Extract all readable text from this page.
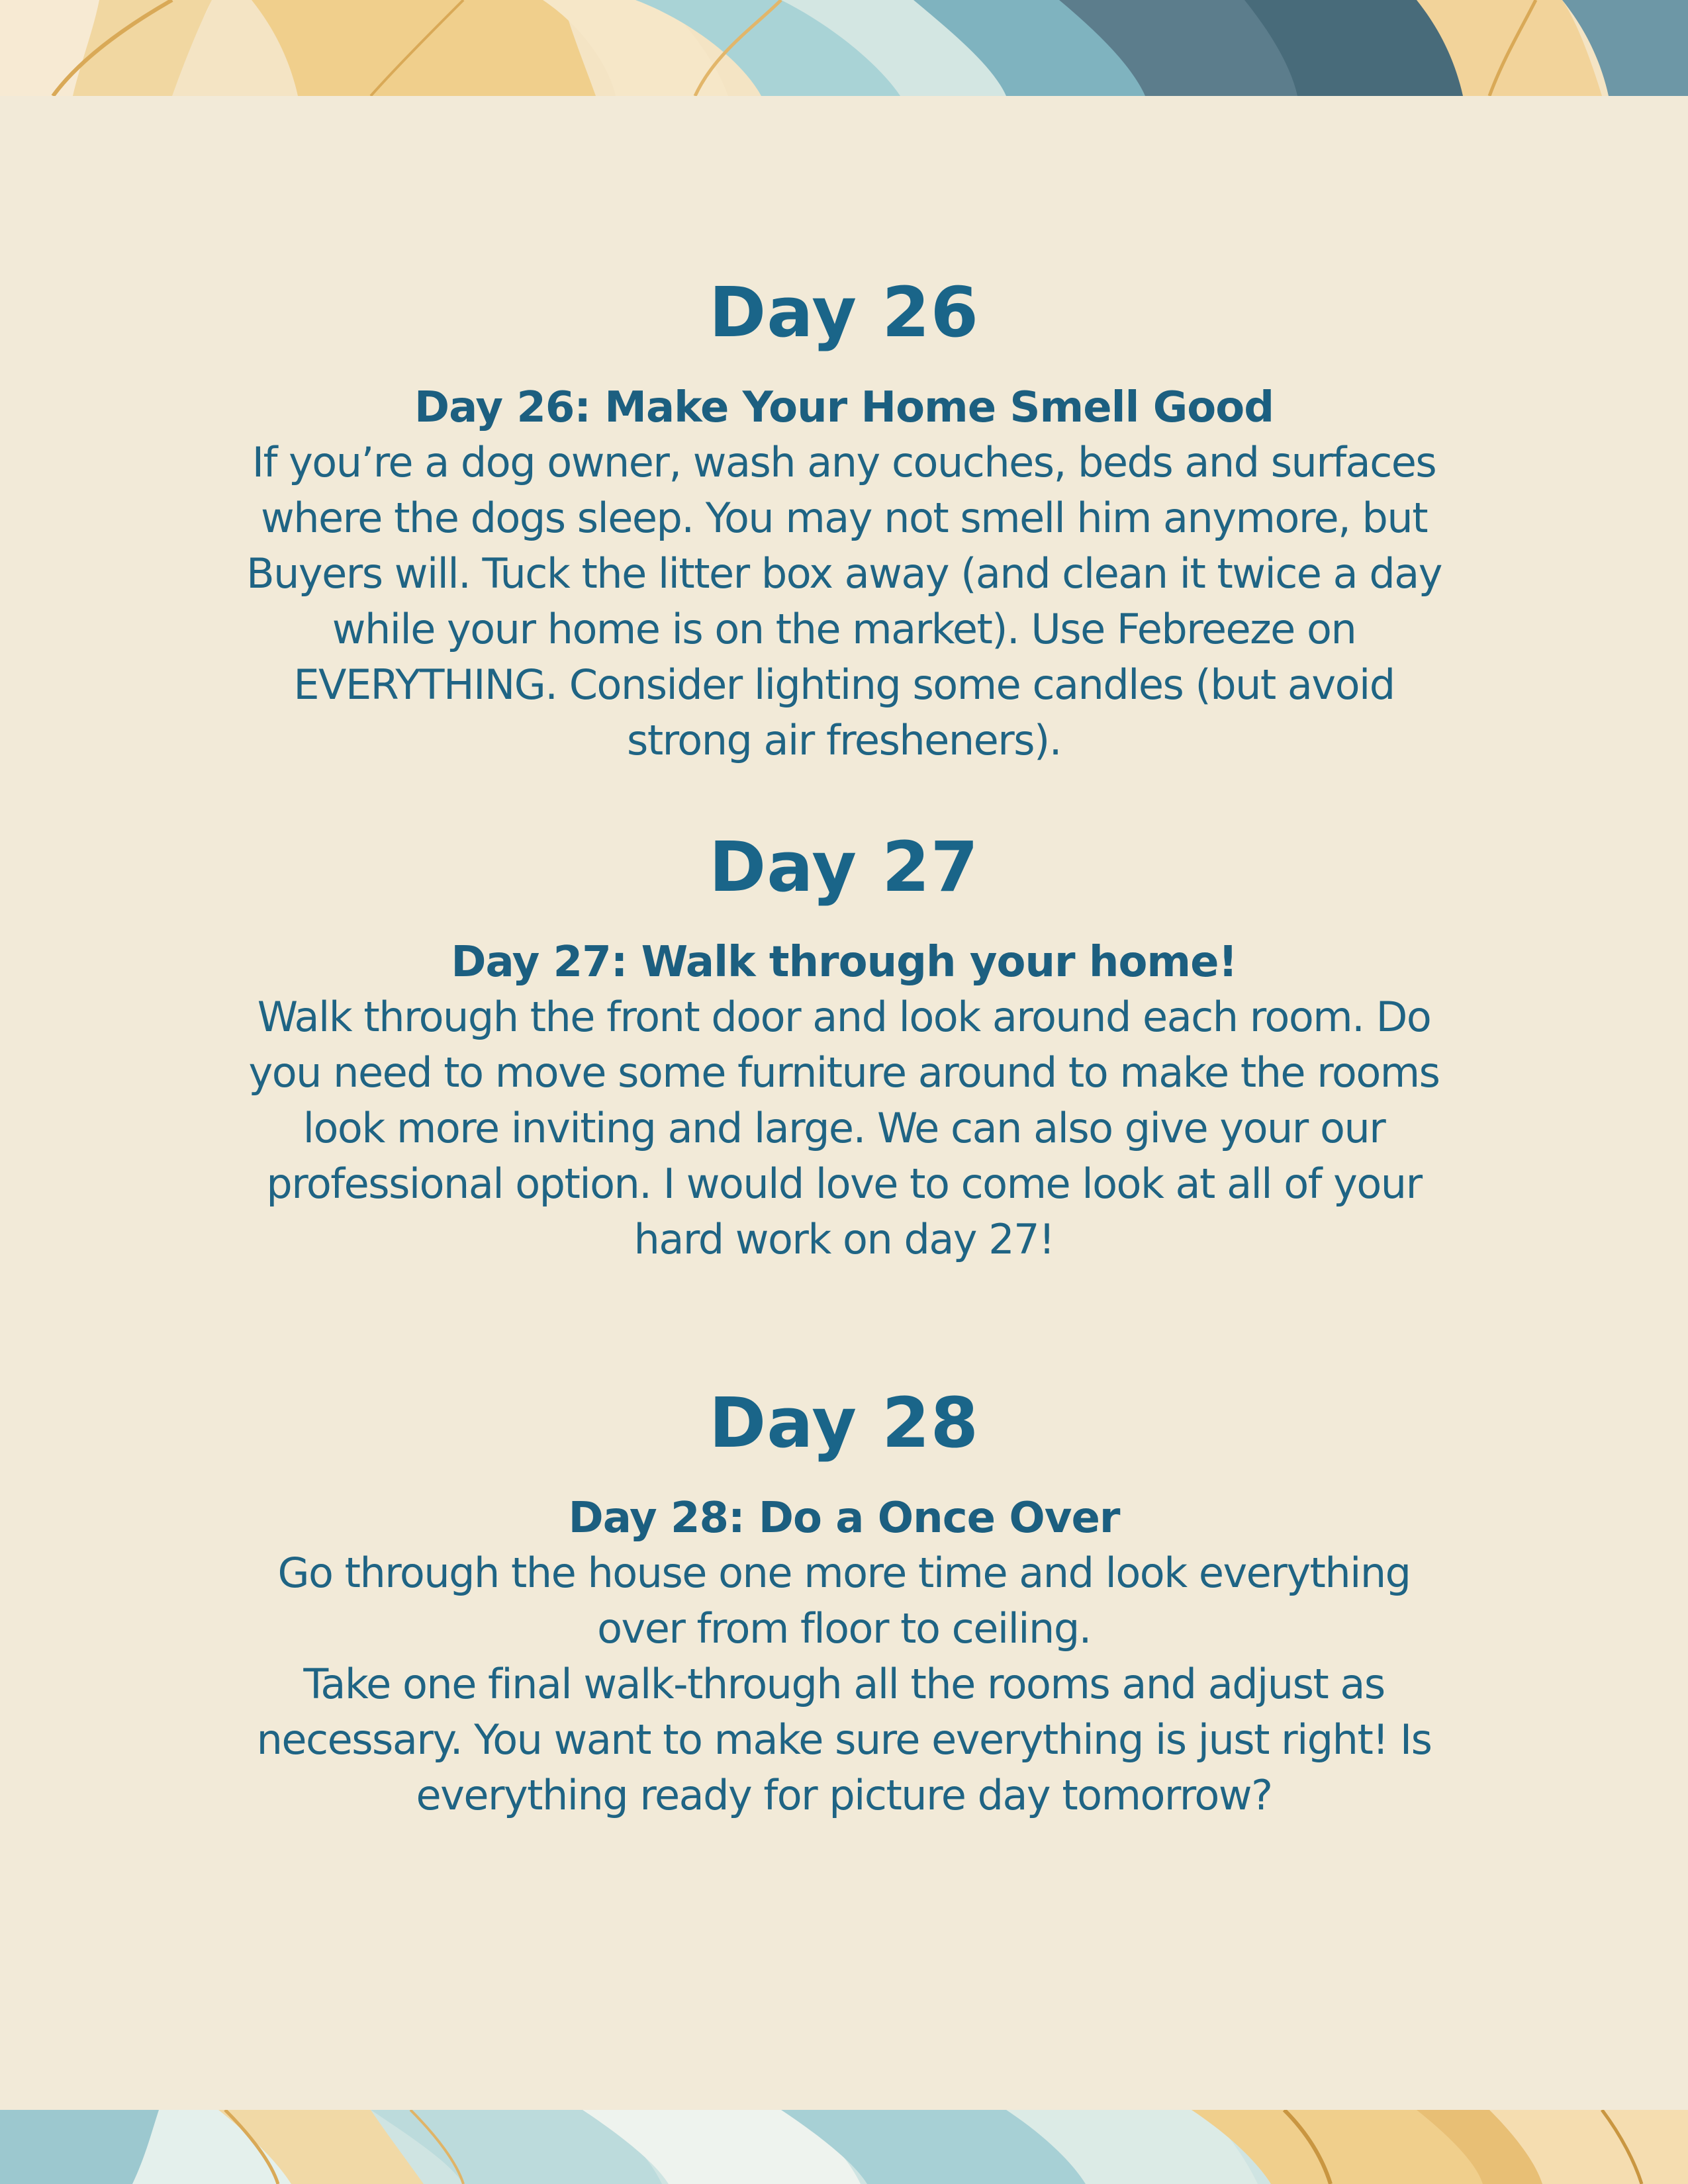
Day 26
Day 26: Make Your Home Smell Good

If you’re a dog owner, wash any couches, beds and surfaces
where the dogs sleep. You may not smell him anymore, but
Buyers will. Tuck the litter box away (and clean it twice a day
while your home is on the market). Use Febreeze on
EVERYTHING. Consider lighting some candles (but avoid
strong air fresheners).

Day 27
Day 27: Walk through your home!

Walk through the front door and look around each room. Do
you need to move some furniture around to make the rooms
look more inviting and large. We can also give your our
professional option. I would love to come look at all of your
hard work on day 27!

Day 28
Day 28: Do a Once Over

Go through the house one more time and look everything
over from floor to ceiling.
Take one final walk-through all the rooms and adjust as
necessary. You want to make sure everything is just right! Is
everything ready for picture day tomorrow?
